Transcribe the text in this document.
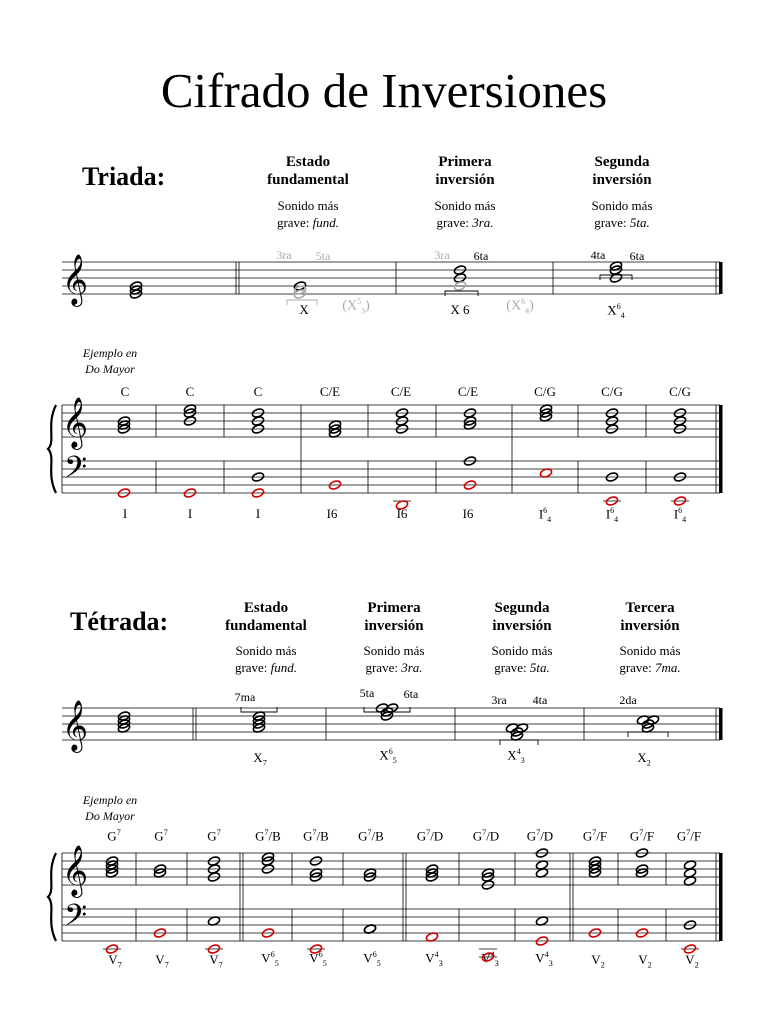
Cifrado de Inversiones
Triada:	Estado
fundamental
Sonido más
grave: fund.
Primera
inversión
Sonido más
grave: 3ra.
Segunda
inversión
Sonido más
grave: 5ta.
3ra	5ta	3ra	6ta	4ta	6ta
X	$(X^5_3)$	X 6	$(X^6_4)$	$X^6_4$
Ejemplo en
Do Mayor
C	C	C	C/E	C/E	C/E	C/G	C/G	C/G
I	I	I	I6	I6	I6	$I^6_4$	$I^6_4$	$I^6_4$
Tétrada:	Estado
fundamental
Sonido más
grave: fund.
Primera
inversión
Sonido más
grave: 3ra.
Segunda
inversión
Sonido más
grave: 5ta.
Tercera
inversión
Sonido más
grave: 7ma.
7ma	5ta	6ta	3ra	4ta	2da
$X_7$
$X^6_5$	$X^4_3$	$X_2$
Ejemplo en
Do Mayor
$G^7$	$G^7$	$G^7$	$G^7/B$	$G^7/B$	$G^7/B$	$G^7/D$	$G^7/D$	$G^7/D$	$G^7/F$	$G^7/F$	$G^7/F$
$V_7$	$V_7$	$V_7$	$V^6_5$	$V^6_5$	$V^6_5$	$V^4_3$	$V^4_3$	$V^4_3$	$V_2$	$V_2$	$V_2$
𝄞
𝄞
𝄢
𝄞
𝄞
𝄢
